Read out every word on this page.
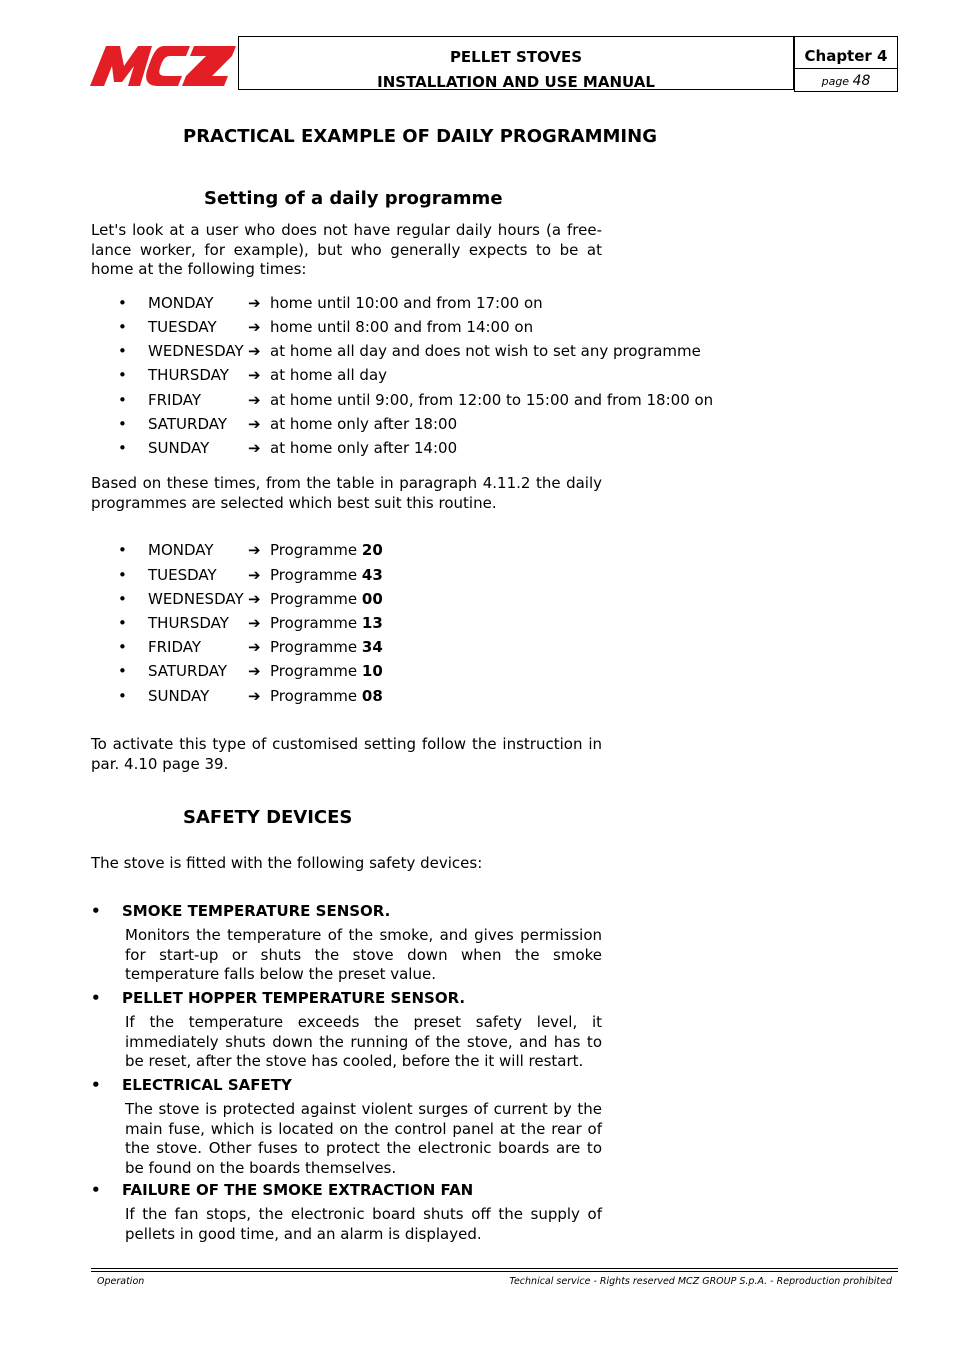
PELLET STOVES
INSTALLATION AND USE MANUAL
Chapter 4
page 48
PRACTICAL EXAMPLE OF DAILY PROGRAMMING
Setting of a daily programme
Let's look at a user who does not have regular daily hours (a free-lance worker, for example), but who generally expects to be at home at the following times:
• MONDAY ➔ home until 10:00 and from 17:00 on
• TUESDAY ➔ home until 8:00 and from 14:00 on
• WEDNESDAY ➔ at home all day and does not wish to set any programme
• THURSDAY ➔ at home all day
• FRIDAY	➔ at home until 9:00, from 12:00 to 15:00 and from 18:00 on
• SATURDAY ➔ at home only after 18:00
• SUNDAY	➔ at home only after 14:00
Based on these times, from the table in paragraph 4.11.2 the daily programmes are selected which best suit this routine.
• MONDAY ➔ Programme 20
• TUESDAY ➔ Programme 43
• WEDNESDAY ➔ Programme 00
• THURSDAY ➔ Programme 13
• FRIDAY	➔ Programme 34
• SATURDAY ➔ Programme 10
• SUNDAY	➔ Programme 08
To activate this type of customised setting follow the instruction in par. 4.10 page 39.
SAFETY DEVICES
The stove is fitted with the following safety devices:
• SMOKE TEMPERATURE SENSOR.
Monitors the temperature of the smoke, and gives permission for start-up or shuts the stove down when the smoke temperature falls below the preset value.
• PELLET HOPPER TEMPERATURE SENSOR.
If the temperature exceeds the preset safety level, it immediately shuts down the running of the stove, and has to be reset, after the stove has cooled, before the it will restart.
• ELECTRICAL SAFETY
The stove is protected against violent surges of current by the main fuse, which is located on the control panel at the rear of the stove. Other fuses to protect the electronic boards are to be found on the boards themselves.
• FAILURE OF THE SMOKE EXTRACTION FAN
If the fan stops, the electronic board shuts off the supply of pellets in good time, and an alarm is displayed.
Operation	Technical service - Rights reserved MCZ GROUP S.p.A. - Reproduction prohibited
